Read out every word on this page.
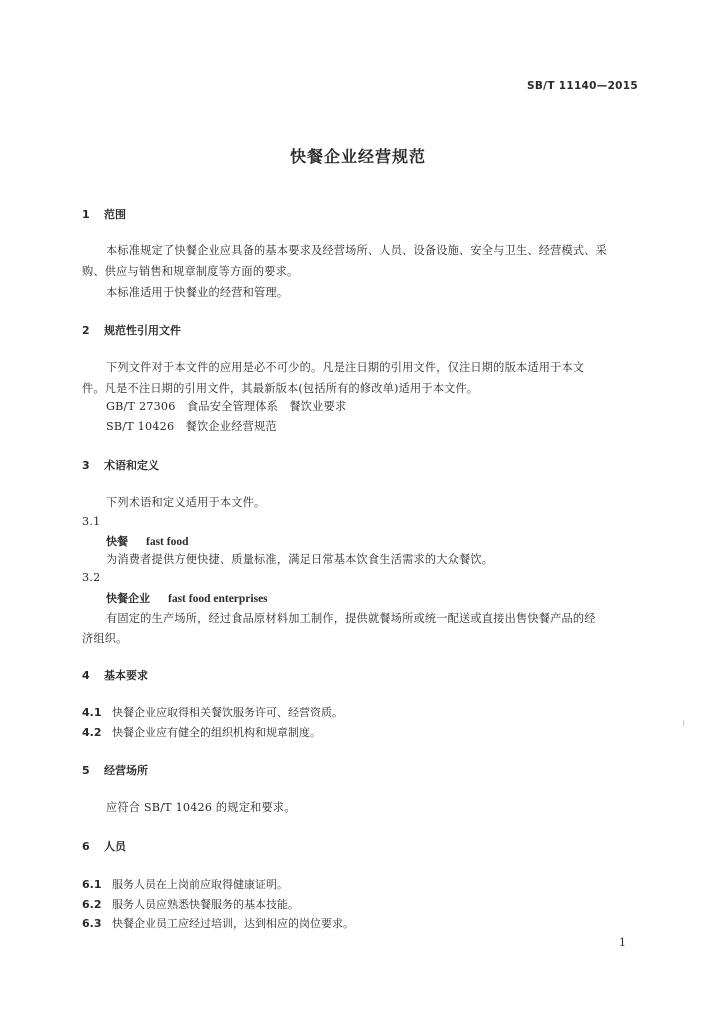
SB/T 11140—2015
快餐企业经营规范
1 范围
本标准规定了快餐企业应具备的基本要求及经营场所、人员、设备设施、安全与卫生、经营模式、采
购、供应与销售和规章制度等方面的要求。
本标准适用于快餐业的经营和管理。
2 规范性引用文件
下列文件对于本文件的应用是必不可少的。凡是注日期的引用文件，仅注日期的版本适用于本文
件。凡是不注日期的引用文件，其最新版本(包括所有的修改单)适用于本文件。
GB/T 27306　食品安全管理体系　餐饮业要求
SB/T 10426　餐饮企业经营规范
3 术语和定义
下列术语和定义适用于本文件。
3.1
快餐 fast food
为消费者提供方便快捷、质量标准，满足日常基本饮食生活需求的大众餐饮。
3.2
快餐企业 fast food enterprises
有固定的生产场所，经过食品原材料加工制作，提供就餐场所或统一配送或直接出售快餐产品的经
济组织。
4 基本要求
4.1 快餐企业应取得相关餐饮服务许可、经营资质。
4.2 快餐企业应有健全的组织机构和规章制度。
5 经营场所
应符合 SB/T 10426 的规定和要求。
6 人员
6.1 服务人员在上岗前应取得健康证明。
6.2 服务人员应熟悉快餐服务的基本技能。
6.3 快餐企业员工应经过培训，达到相应的岗位要求。
1
